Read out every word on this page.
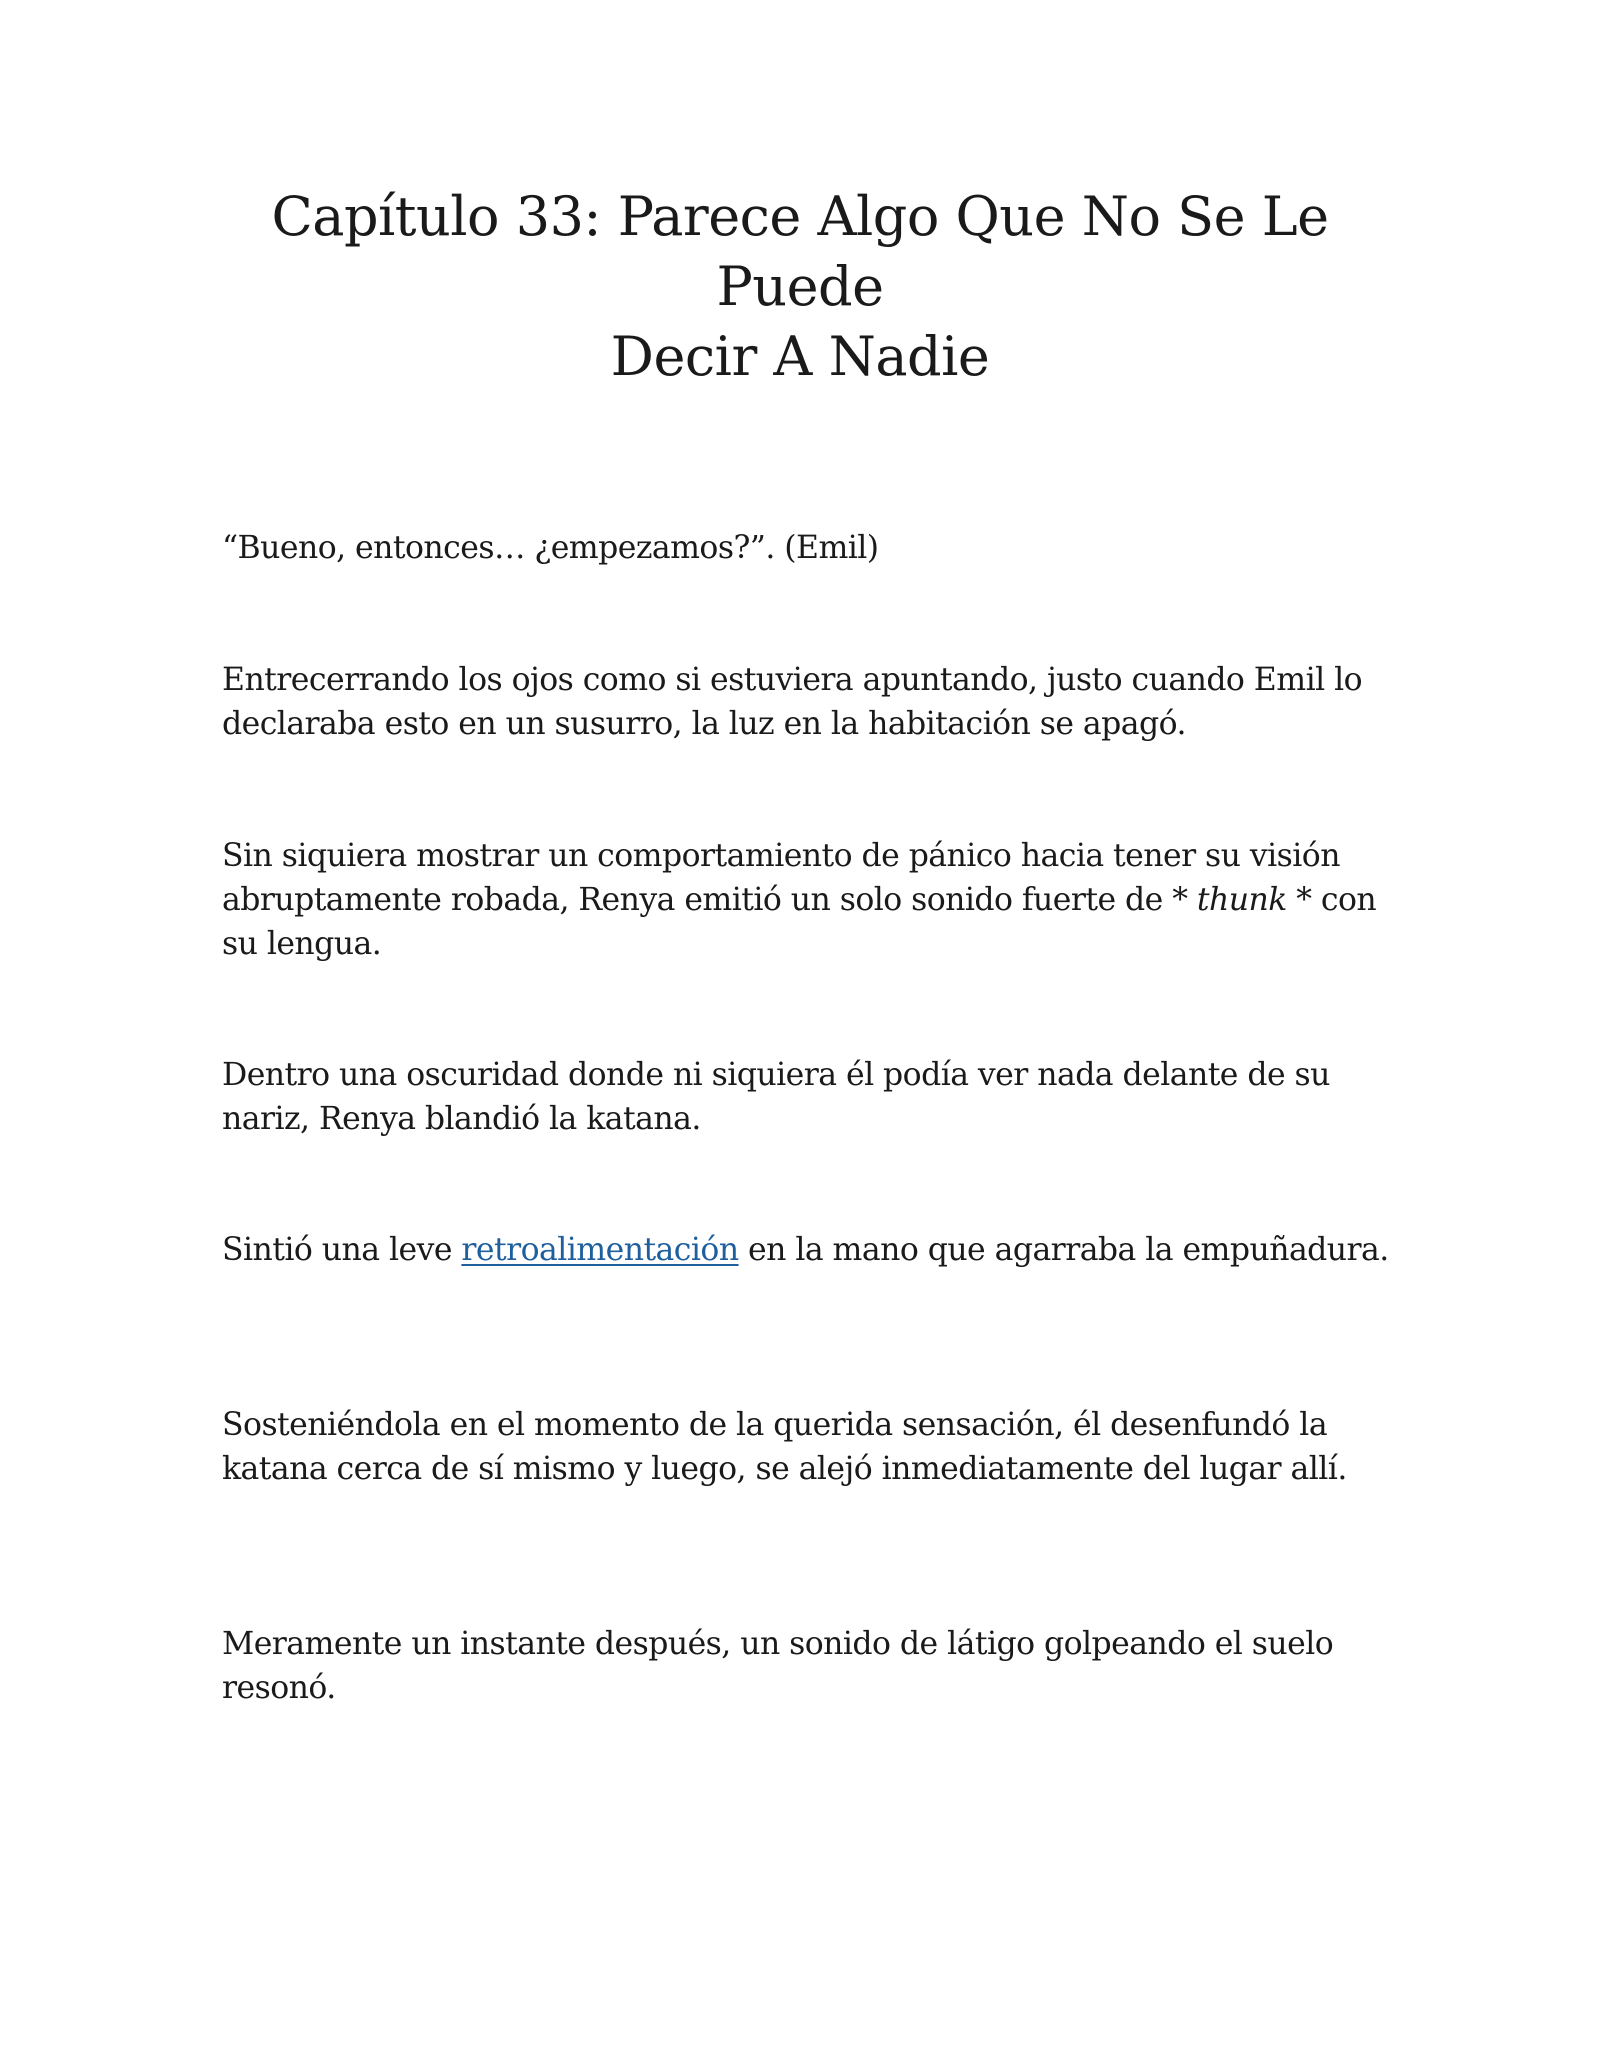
Capítulo 33: Parece Algo Que No Se Le Puede
Decir A Nadie

“Bueno, entonces… ¿empezamos?”. (Emil)

Entrecerrando los ojos como si estuviera apuntando, justo cuando Emil lo declaraba esto en un susurro, la luz en la habitación se apagó.

Sin siquiera mostrar un comportamiento de pánico hacia tener su visión abruptamente robada, Renya emitió un solo sonido fuerte de * thunk * con su lengua.

Dentro una oscuridad donde ni siquiera él podía ver nada delante de su nariz, Renya blandió la katana.

Sintió una leve retroalimentación en la mano que agarraba la empuñadura.

Sosteniéndola en el momento de la querida sensación, él desenfundó la katana cerca de sí mismo y luego, se alejó inmediatamente del lugar allí.

Meramente un instante después, un sonido de látigo golpeando el suelo resonó.
